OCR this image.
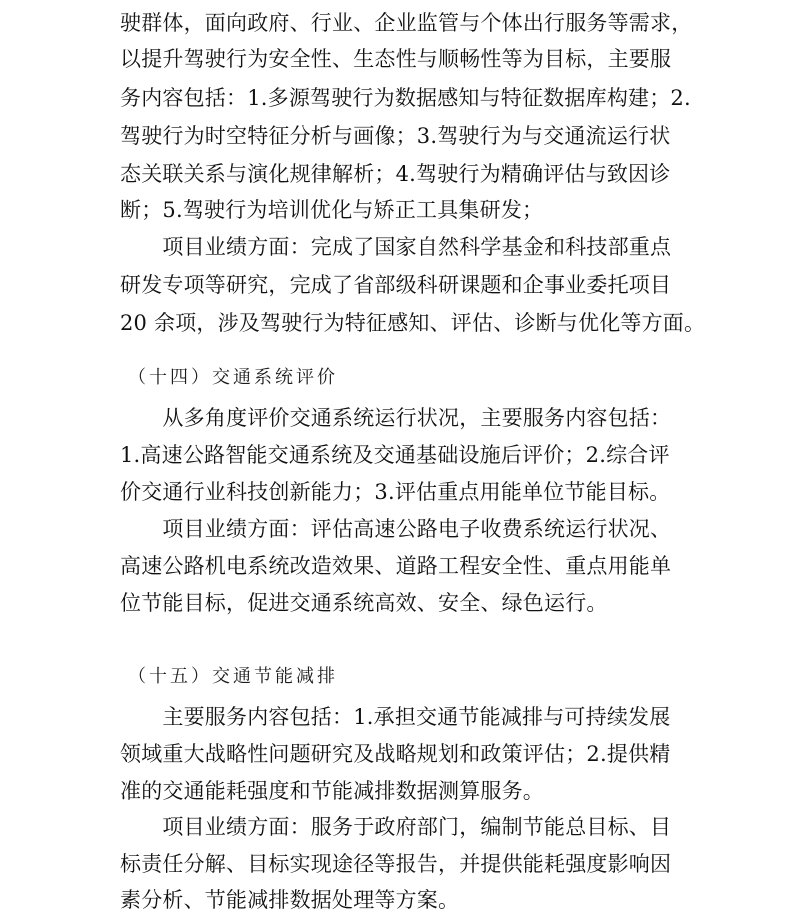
驶群体，面向政府、行业、企业监管与个体出行服务等需求，
以提升驾驶行为安全性、生态性与顺畅性等为目标，主要服
务内容包括：1.多源驾驶行为数据感知与特征数据库构建；2.
驾驶行为时空特征分析与画像；3.驾驶行为与交通流运行状
态关联关系与演化规律解析；4.驾驶行为精确评估与致因诊
断；5.驾驶行为培训优化与矫正工具集研发；
　　项目业绩方面：完成了国家自然科学基金和科技部重点
研发专项等研究，完成了省部级科研课题和企事业委托项目
20 余项，涉及驾驶行为特征感知、评估、诊断与优化等方面。
（十四）交通系统评价
　　从多角度评价交通系统运行状况，主要服务内容包括：
1.高速公路智能交通系统及交通基础设施后评价；2.综合评
价交通行业科技创新能力；3.评估重点用能单位节能目标。
　　项目业绩方面：评估高速公路电子收费系统运行状况、
高速公路机电系统改造效果、道路工程安全性、重点用能单
位节能目标，促进交通系统高效、安全、绿色运行。
（十五）交通节能减排
　　主要服务内容包括：1.承担交通节能减排与可持续发展
领域重大战略性问题研究及战略规划和政策评估；2.提供精
准的交通能耗强度和节能减排数据测算服务。
　　项目业绩方面：服务于政府部门，编制节能总目标、目
标责任分解、目标实现途径等报告，并提供能耗强度影响因
素分析、节能减排数据处理等方案。
